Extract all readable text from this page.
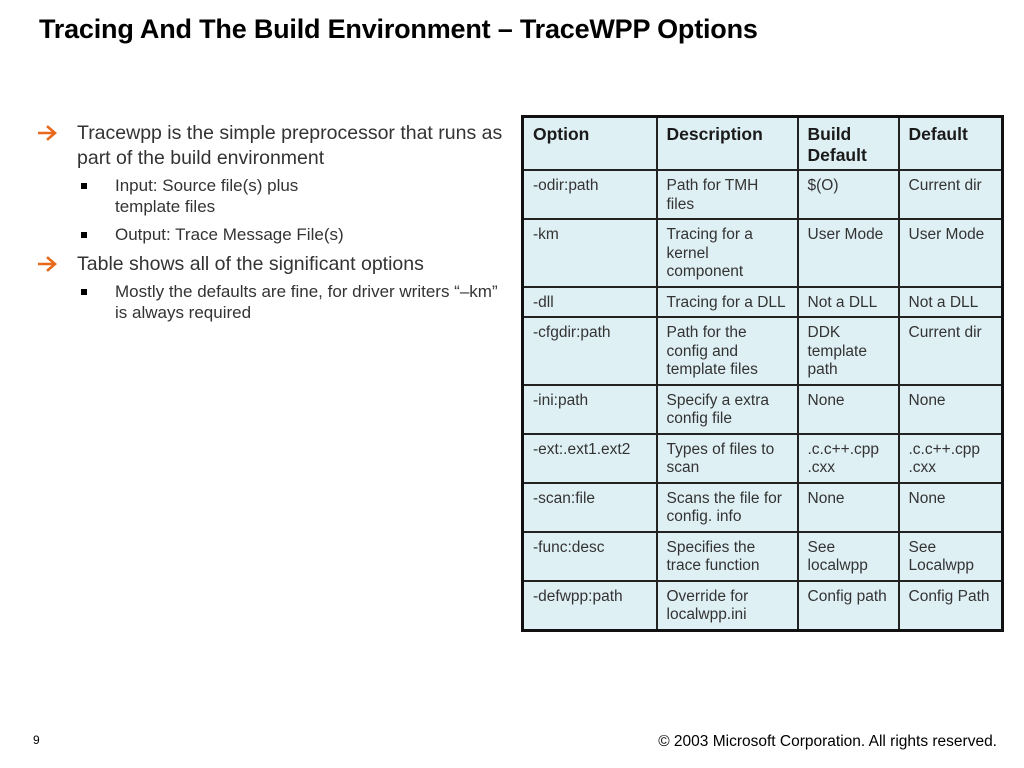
Tracing And The Build Environment – TraceWPP Options
Tracewpp is the simple preprocessor that runs as part of the build environment
Input: Source file(s) plus
template files
Output: Trace Message File(s)
Table shows all of the significant options
Mostly the defaults are fine, for driver writers “–km” is always required
Option	Description	Build Default	Default
-odir:path	Path for TMH files	$(O)	Current dir
-km	Tracing for a kernel component	User Mode	User Mode
-dll	Tracing for a DLL	Not a DLL	Not a DLL
-cfgdir:path	Path for the config and template files	DDK template path	Current dir
-ini:path	Specify a extra config file	None	None
-ext:.ext1.ext2	Types of files to scan	.c.c++.cpp .cxx	.c.c++.cpp .cxx
-scan:file	Scans the file for config. info	None	None
-func:desc	Specifies the trace function	See localwpp	See Localwpp
-defwpp:path	Override for localwpp.ini	Config path	Config Path
9	© 2003 Microsoft Corporation. All rights reserved.
